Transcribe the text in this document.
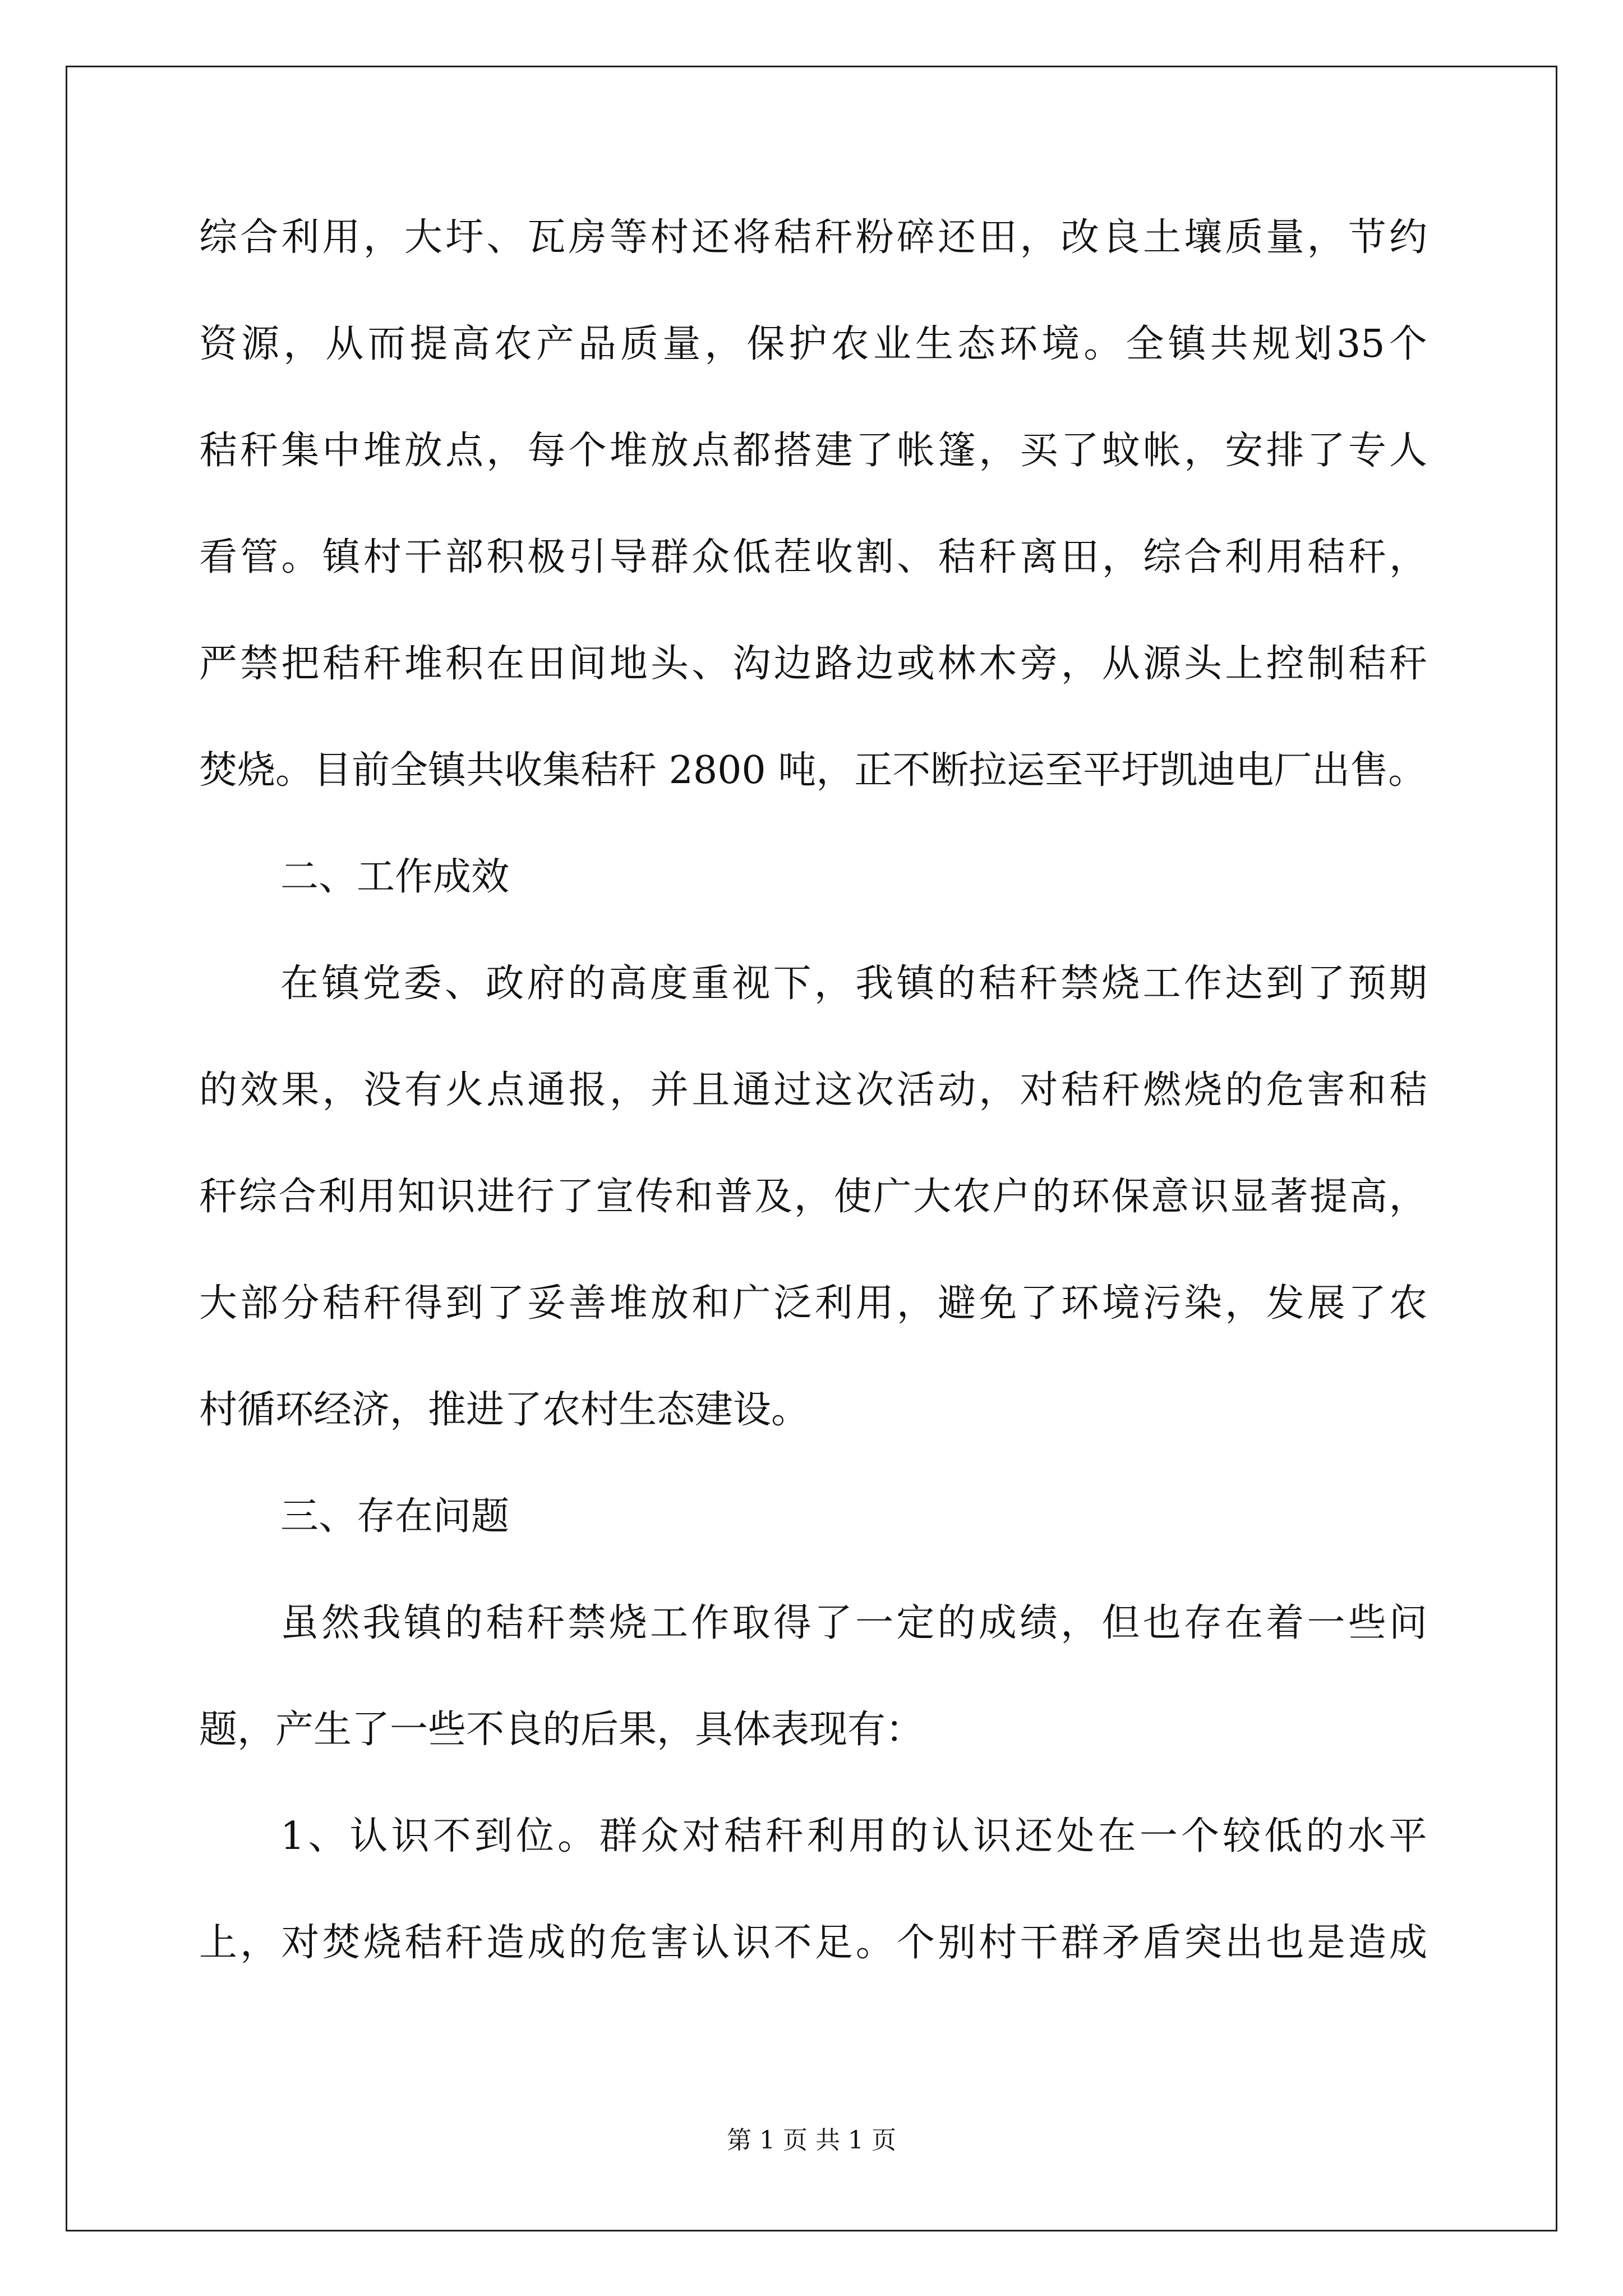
综 合 利 用 ， 大 圩 、 瓦 房 等 村 还 将 秸 秆 粉 碎 还 田 ， 改 良 土 壤 质 量 ， 节 约
资 源 ， 从 而 提 高 农 产 品 质 量 ， 保 护 农 业 生 态 环 境 。 全 镇 共 规 划 35 个
秸 秆 集 中 堆 放 点 ， 每 个 堆 放 点 都 搭 建 了 帐 篷 ， 买 了 蚊 帐 ， 安 排 了 专 人
看 管 。 镇 村 干 部 积 极 引 导 群 众 低 茬 收 割 、 秸 秆 离 田 ， 综 合 利 用 秸 秆 ，
严 禁 把 秸 秆 堆 积 在 田 间 地 头 、 沟 边 路 边 或 林 木 旁 ， 从 源 头 上 控 制 秸 秆
焚烧。目前全镇共收集秸秆 2800 吨，正不断拉运至平圩凯迪电厂出售。
二、工作成效
在 镇 党 委 、 政 府 的 高 度 重 视 下 ， 我 镇 的 秸 秆 禁 烧 工 作 达 到 了 预 期
的 效 果 ， 没 有 火 点 通 报 ， 并 且 通 过 这 次 活 动 ， 对 秸 秆 燃 烧 的 危 害 和 秸
秆 综 合 利 用 知 识 进 行 了 宣 传 和 普 及 ， 使 广 大 农 户 的 环 保 意 识 显 著 提 高 ，
大 部 分 秸 秆 得 到 了 妥 善 堆 放 和 广 泛 利 用 ， 避 免 了 环 境 污 染 ， 发 展 了 农
村循环经济，推进了农村生态建设。
三、存在问题
虽 然 我 镇 的 秸 秆 禁 烧 工 作 取 得 了 一 定 的 成 绩 ， 但 也 存 在 着 一 些 问
题，产生了一些不良的后果，具体表现有：
1 、 认 识 不 到 位 。 群 众 对 秸 秆 利 用 的 认 识 还 处 在 一 个 较 低 的 水 平
上 ， 对 焚 烧 秸 秆 造 成 的 危 害 认 识 不 足 。 个 别 村 干 群 矛 盾 突 出 也 是 造 成
第 1 页 共 1 页
